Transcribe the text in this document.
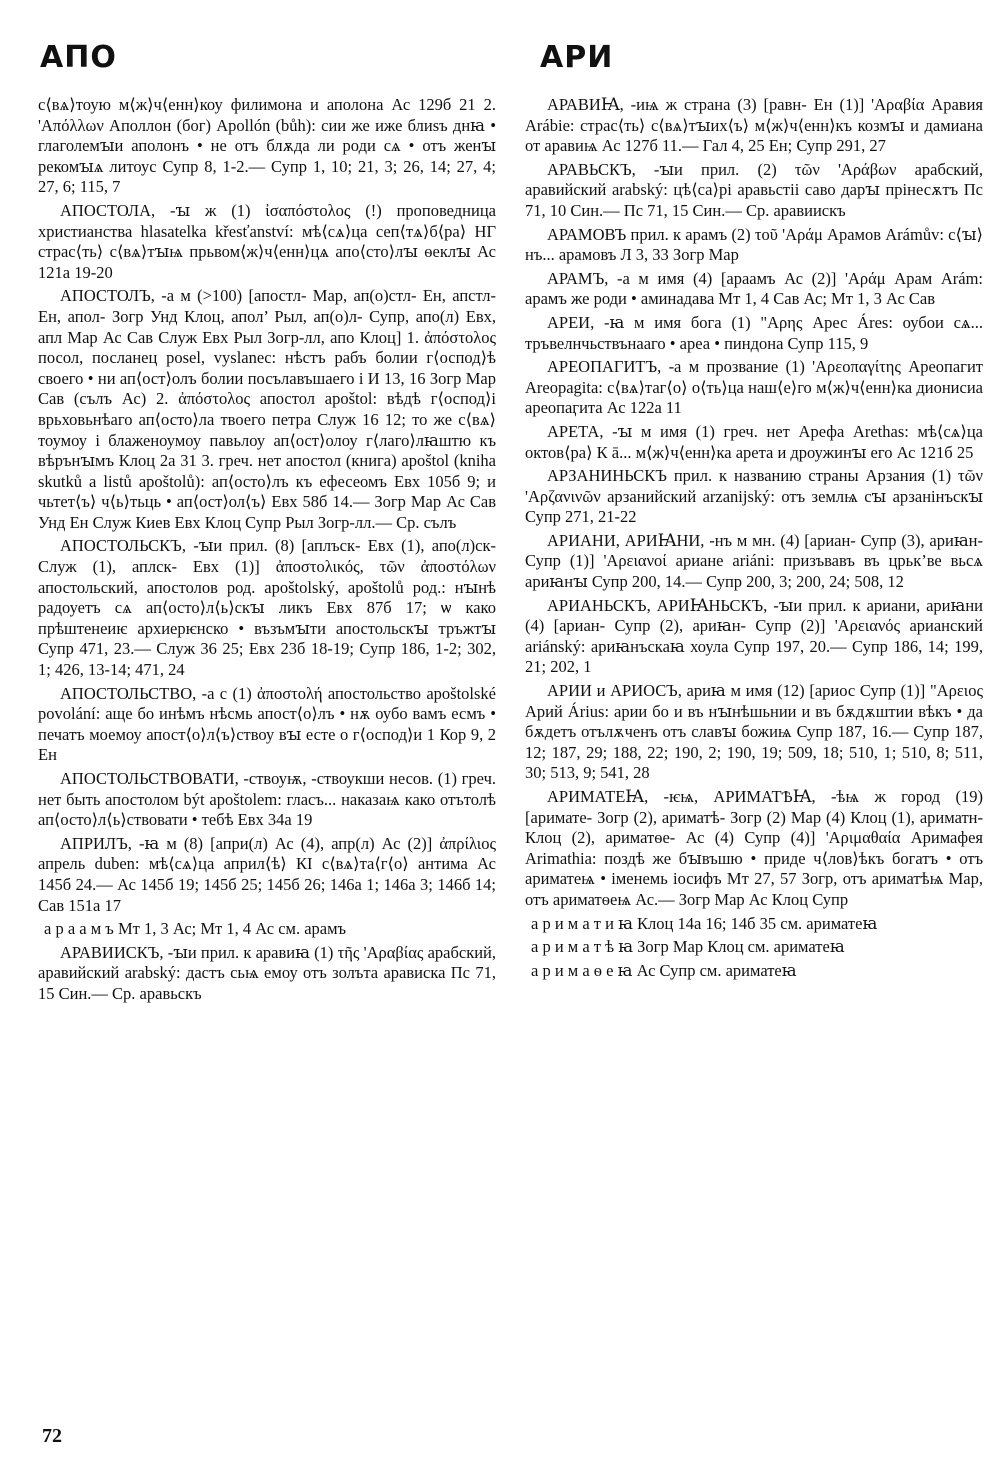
АПО	АРИ
с⟨вѧ⟩тоую м⟨ж⟩ч⟨енн⟩коу филимона и аполона Ас 129б 21 2. 'Απόλλων Аполлон (бог) Apollón (bůh): сии же иже блиѕъ днꙗ • глаголемꙑи аполонъ • не отъ блѫда ли роди сѧ • отъ женꙑ рекомꙑѧ литоус Супр 8, 1-2.— Супр 1, 10; 21, 3; 26, 14; 27, 4; 27, 6; 115, 7
АПОСТОЛА, -ꙑ ж (1) ἰσαπόστολος (!) проповедница христианства hlasatelka křesťanství: мѣ⟨сѧ⟩ца сеп⟨тѧ⟩б⟨ра⟩ НГ страс⟨ть⟩ с⟨вѧ⟩тꙑѩ прьвом⟨ж⟩ч⟨енн⟩цѧ апо⟨сто⟩лꙑ ѳеклꙑ Ас 121а 19-20
АПОСТОЛЪ, -а м (>100) [апостл- Мар, ап(о)стл- Ен, апстл- Ен, апол- Зогр Унд Клоц, апол’ Рыл, ап(о)л- Супр, апо(л) Евх, апл Мар Ас Сав Служ Евх Рыл Зогр-лл, апо Клоц] 1. ἀπόστολος посол, посланец posel, vyslanec: нѣстъ рабъ болии г⟨оспод⟩ѣ своего • ни ап⟨ост⟩олъ болии посълавъшаего і И 13, 16 Зогр Мар Сав (сълъ Ас) 2. ἀπόστολος апостол apoštol: вѣдѣ г⟨оспод⟩і врьховьнѣаго ап⟨осто⟩ла твоего петра Служ 16 12; то же с⟨вѧ⟩тоумоу і блаженоумоу павьлоу ап⟨ост⟩олоу г⟨лаго⟩лꙗштю къ вѣрънꙑмъ Клоц 2а 31 3. греч. нет апостол (книга) apoštol (kniha skutků a listů apoštolů): ап⟨осто⟩лъ къ ефесеомъ Евх 105б 9; и чьтет⟨ъ⟩ ч⟨ь⟩тьць • ап⟨ост⟩ол⟨ъ⟩ Евх 58б 14.— Зогр Мар Ас Сав Унд Ен Служ Киев Евх Клоц Супр Рыл Зогр-лл.— Ср. сълъ
АПОСТОЛЬСКЪ, -ꙑи прил. (8) [аплъск- Евх (1), апо(л)ск- Служ (1), аплск- Евх (1)] ἀποστολικός, τῶν ἀποστόλων апостольский, апостолов род. apoštolský, apoštolů род.: нꙑнѣ радоуетъ сѧ ап⟨осто⟩л⟨ь⟩скꙑ ликъ Евх 87б 17; ѡ како прѣштенеиѥ архиерѥнско • възъмꙑти апостольскꙑ тръжтꙑ Супр 471, 23.— Служ 36 25; Евх 23б 18-19; Супр 186, 1-2; 302, 1; 426, 13-14; 471, 24
АПОСТОЛЬСТВО, -а с (1) ἀποστολή апостольство apoštolské povolání: аще бо инѣмъ нѣсмь апост⟨о⟩лъ • нѫ оубо вамъ есмъ • печатъ моемоу апост⟨о⟩л⟨ъ⟩ствоу вꙑ есте о г⟨оспод⟩и 1 Кор 9, 2 Ен
АПОСТОЛЬСТВОВАТИ, -ствоуѭ, -ствоукши несов. (1) греч. нет быть апостолом být apoštolem: гласъ... наказаѩ како отътолѣ ап⟨осто⟩л⟨ь⟩ствовати • тебѣ Евх 34а 19
АПРИЛЪ, -ꙗ м (8) [апри(л) Ас (4), апр(л) Ас (2)] ἀπρίλιος апрель duben: мѣ⟨сѧ⟩ца април⟨ѣ⟩ КІ с⟨вѧ⟩та⟨г⟨о⟩ антима Ас 145б 24.— Ас 145б 19; 145б 25; 145б 26; 146а 1; 146а 3; 146б 14; Сав 151а 17
а р а а м ъ Мт 1, 3 Ас; Мт 1, 4 Ас см. арамъ
АРАВИИСКЪ, -ꙑи прил. к аравиꙗ (1) τῆς 'Αραβίας арабский, аравийский arabský: дастъ сьѩ емоу отъ золъта арависка Пс 71, 15 Син.— Ср. аравьскъ
АРАВИꙖ, -иѩ ж страна (3) [равн- Ен (1)] 'Αραβία Аравия Arábie: страс⟨ть⟩ с⟨вѧ⟩тꙑих⟨ъ⟩ м⟨ж⟩ч⟨енн⟩къ козмꙑ и дамиана от аравиѩ Ас 127б 11.— Гал 4, 25 Ен; Супр 291, 27
АРАВЬСКЪ, -ꙑи прил. (2) τῶν 'Αράβων арабский, аравийский arabský: цѣ⟨са⟩рі аравьстіі саво дарꙑ прінесѫтъ Пс 71, 10 Син.— Пс 71, 15 Син.— Ср. аравиискъ
АРАМОВЪ прил. к арамъ (2) τοῦ 'Αράμ Арамов Arámův: с⟨ꙑ⟩нъ... арамовъ Л 3, 33 Зогр Мар
АРАМЪ, -а м имя (4) [араамъ Ас (2)] 'Αράμ Арам Arám: арамъ же роди • аминадава Мт 1, 4 Сав Ас; Мт 1, 3 Ас Сав
АРЕИ, -ꙗ м имя бога (1) "Αρης Арес Áres: оубои сѧ... тръвелнчьствънааго • ареа • пиндона Супр 115, 9
АРЕОПАГИТЪ, -а м прозвание (1) 'Αρεοπαγίτης Ареопагит Areopagita: с⟨вѧ⟩таг⟨о⟩ о⟨ть⟩ца наш⟨е⟩го м⟨ж⟩ч⟨енн⟩ка дионисиа ареопаӷита Ас 122а 11
АРЕТА, -ꙑ м имя (1) греч. нет Арефа Arethas: мѣ⟨сѧ⟩ца октов⟨ра⟩ К ā... м⟨ж⟩ч⟨енн⟩ка арета и дроужинꙑ его Ас 121б 25
АРЗАНИНЬСКЪ прил. к названию страны Арзания (1) τῶν 'Αρζανινῶν арзанийский arzanijský: отъ землѩ сꙑ арзанінъскꙑ Супр 271, 21-22
АРИАНИ, АРИꙖНИ, -нъ м мн. (4) [ариан- Супр (3), ариꙗн- Супр (1)] 'Αρειανοί ариане ariáni: призъвавъ въ црьк’ве вьсѧ ариꙗнꙑ Супр 200, 14.— Супр 200, 3; 200, 24; 508, 12
АРИАНЬСКЪ, АРИꙖНЬСКЪ, -ꙑи прил. к ариани, ариꙗни (4) [ариан- Супр (2), ариꙗн- Супр (2)] 'Αρειανός арианский ariánský: ариꙗнъскаꙗ хоула Супр 197, 20.— Супр 186, 14; 199, 21; 202, 1
АРИИ и АРИОСЪ, ариꙗ м имя (12) [ариос Супр (1)] "Αρειος Арий Árius: арии бо и въ нꙑнѣшьнии и въ бѫдѫштии вѣкъ • да бѫдетъ отълѫченъ отъ славꙑ божиѩ Супр 187, 16.— Супр 187, 12; 187, 29; 188, 22; 190, 2; 190, 19; 509, 18; 510, 1; 510, 8; 511, 30; 513, 9; 541, 28
АРИМАТЕꙖ, -ѥѩ, АРИМАТѢꙖ, -ѣѩ ж город (19) [аримате- Зогр (2), ариматѣ- Зогр (2) Мар (4) Клоц (1), ариматн- Клоц (2), ариматѳе- Ас (4) Супр (4)] 'Αριμαθαία Аримафея Arimathia: поздѣ же бꙑвъшю • приде ч⟨лов⟩ѣкъ богатъ • отъ ариматеѩ • іменемь іосифъ Мт 27, 57 Зогр, отъ ариматѣѩ Мар, отъ ариматѳеѩ Ас.— Зогр Мар Ас Клоц Супр
а р и м а т и ꙗ Клоц 14а 16; 14б 35 см. ариматеꙗ
а р и м а т ѣ ꙗ Зогр Мар Клоц см. ариматеꙗ
а р и м а ѳ е ꙗ Ас Супр см. ариматеꙗ
72
